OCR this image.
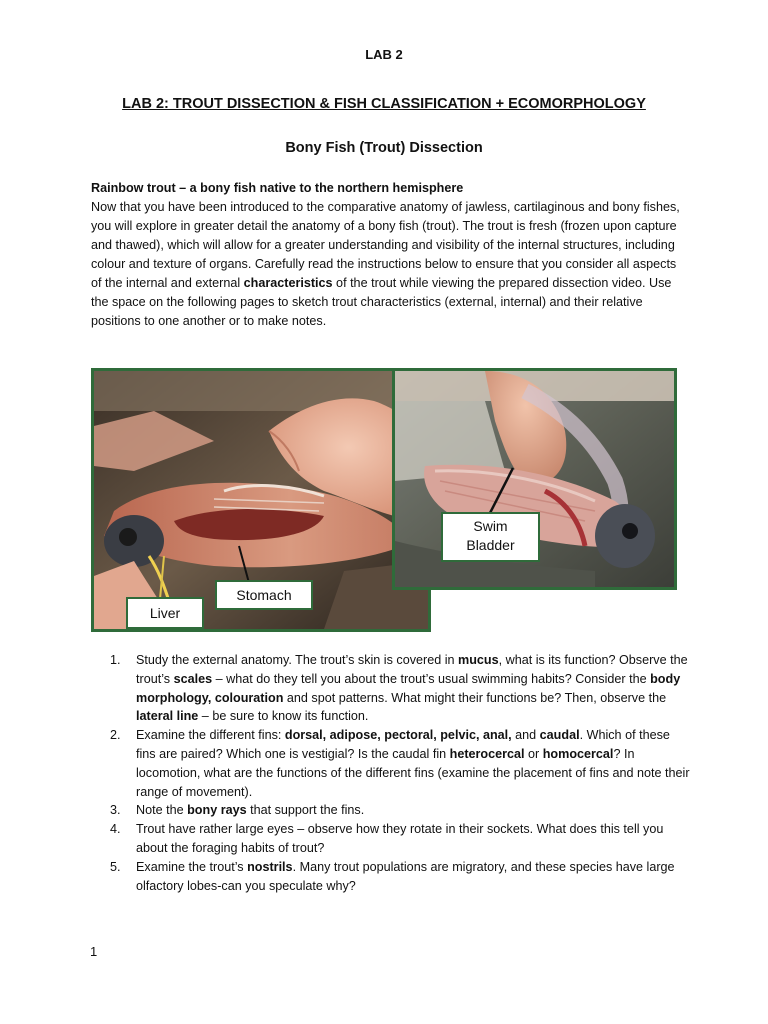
LAB 2
LAB 2: TROUT DISSECTION & FISH CLASSIFICATION + ECOMORPHOLOGY
Bony Fish (Trout) Dissection
Rainbow trout – a bony fish native to the northern hemisphere
Now that you have been introduced to the comparative anatomy of jawless, cartilaginous and bony fishes, you will explore in greater detail the anatomy of a bony fish (trout). The trout is fresh (frozen upon capture and thawed), which will allow for a greater understanding and visibility of the internal structures, including colour and texture of organs. Carefully read the instructions below to ensure that you consider all aspects of the internal and external characteristics of the trout while viewing the prepared dissection video. Use the space on the following pages to sketch trout characteristics (external, internal) and their relative positions to one another or to make notes.
Stomach
Liver
Swim
Bladder
1. Study the external anatomy. The trout’s skin is covered in mucus, what is its function? Observe the trout’s scales – what do they tell you about the trout’s usual swimming habits? Consider the body morphology, colouration and spot patterns. What might their functions be? Then, observe the lateral line – be sure to know its function.
2. Examine the different fins: dorsal, adipose, pectoral, pelvic, anal, and caudal. Which of these fins are paired? Which one is vestigial? Is the caudal fin heterocercal or homocercal? In locomotion, what are the functions of the different fins (examine the placement of fins and note their range of movement).
3. Note the bony rays that support the fins.
4. Trout have rather large eyes – observe how they rotate in their sockets. What does this tell you about the foraging habits of trout?
5. Examine the trout’s nostrils. Many trout populations are migratory, and these species have large olfactory lobes-can you speculate why?
1
